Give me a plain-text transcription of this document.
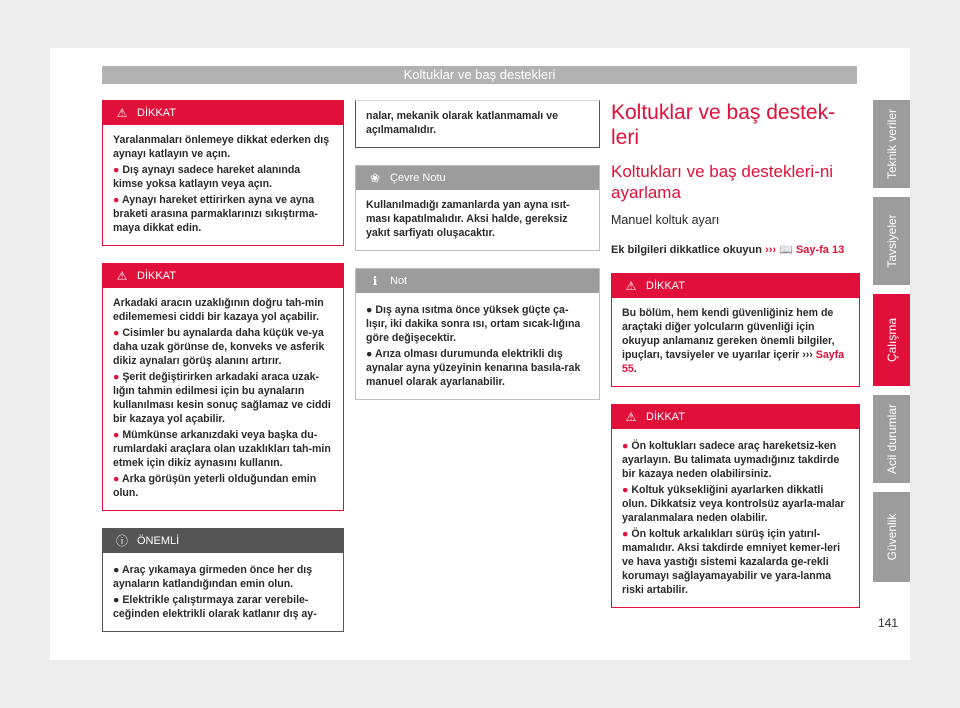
Koltuklar ve baş destekleri
Teknik veriler
Tavsiyeler
Çalışma
Acil durumlar
Güvenlik
141
⚠ DİKKAT

Yaralanmaları önlemeye dikkat ederken dış aynayı katlayın ve açın.

● Dış aynayı sadece hareket alanında kimse yoksa katlayın veya açın.

● Aynayı hareket ettirirken ayna ve ayna braketi arasına parmaklarınızı sıkıştırma-maya dikkat edin.

⚠ DİKKAT

Arkadaki aracın uzaklığının doğru tah-min edilememesi ciddi bir kazaya yol açabilir.

● Cisimler bu aynalarda daha küçük ve-ya daha uzak görünse de, konveks ve asferik dikiz aynaları görüş alanını artırır.

● Şerit değiştirirken arkadaki araca uzak-lığın tahmin edilmesi için bu aynaların kullanılması kesin sonuç sağlamaz ve ciddi bir kazaya yol açabilir.

● Mümkünse arkanızdaki veya başka du-rumlardaki araçlara olan uzaklıkları tah-min etmek için dikiz aynasını kullanın.

● Arka görüşün yeterli olduğundan emin olun.

ⓘ ÖNEMLİ

● Araç yıkamaya girmeden önce her dış aynaların katlandığından emin olun.

● Elektrikle çalıştırmaya zarar verebile-ceğinden elektrikli olarak katlanır dış ay-

nalar, mekanik olarak katlanmamalı ve açılmamalıdır.

❀ Çevre Notu

Kullanılmadığı zamanlarda yan ayna ısıt-ması kapatılmalıdır. Aksi halde, gereksiz yakıt sarfiyatı oluşacaktır.

ℹ	Not

● Dış ayna ısıtma önce yüksek güçte ça-lışır, iki dakika sonra ısı, ortam sıcak-lığına göre değişecektir.

● Arıza olması durumunda elektrikli dış aynalar ayna yüzeyinin kenarına basıla-rak manuel olarak ayarlanabilir.

Koltuklar ve baş destek-leri
Koltukları ve baş destekleri-ni ayarlama
Manuel koltuk ayarı
Ek bilgileri dikkatlice okuyun ››› 📖 Say-fa 13
⚠ DİKKAT

Bu bölüm, hem kendi güvenliğiniz hem de araçtaki diğer yolcuların güvenliği için okuyup anlamanız gereken önemli bilgiler, ipuçları, tavsiyeler ve uyarılar içerir ››› Sayfa 55.

⚠ DİKKAT

● Ön koltukları sadece araç hareketsiz-ken ayarlayın. Bu talimata uymadığınız takdirde bir kazaya neden olabilirsiniz.

● Koltuk yüksekliğini ayarlarken dikkatli olun. Dikkatsiz veya kontrolsüz ayarla-malar yaralanmalara neden olabilir.

● Ön koltuk arkalıkları sürüş için yatırıl-mamalıdır. Aksi takdirde emniyet kemer-leri ve hava yastığı sistemi kazalarda ge-rekli korumayı sağlayamayabilir ve yara-lanma riski artabilir.
